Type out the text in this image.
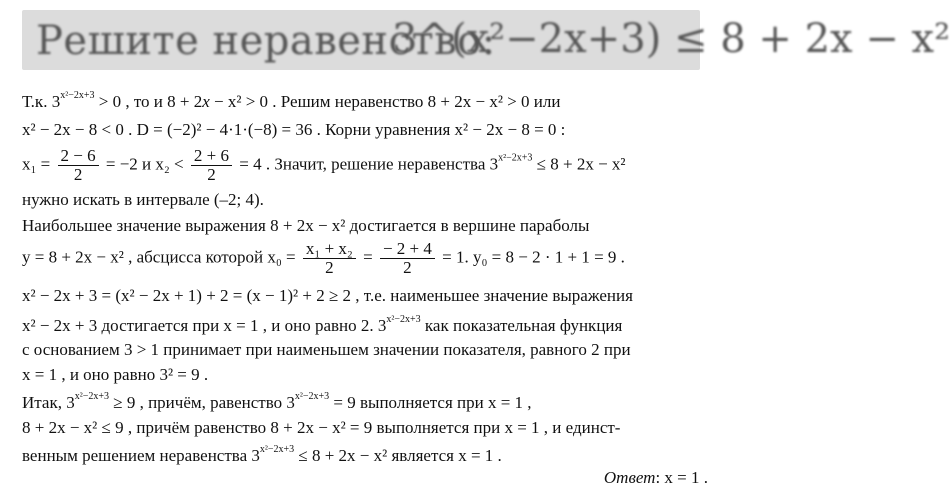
Решите неравенство:
3^(x²−2x+3) ≤ 8 + 2x − x²
Т.к. $3^{x^2-2x+3} > 0$ , то и 8 + 2x − x² > 0 . Решим неравенство 8 + 2x − x² > 0 или
x² − 2x − 8 < 0 . D = (−2)² − 4·1·(−8) = 36 . Корни уравнения x² − 2x − 8 = 0 :
$x_1 = \frac{2 - 6}{2} = -2$ и $x_2 < \frac{2 + 6}{2} = 4$ . Значит, решение неравенства $3^{x^2-2x+3} \le 8 + 2x - x^2$
нужно искать в интервале (–2; 4).
Наибольшее значение выражения 8 + 2x − x² достигается в вершине параболы
y = 8 + 2x − x² , абсцисса которой $x_0 = \frac{\text{x₁ + x₂}}{2} = \frac{- 2 + 4}{2} = 1$. y₀ = 8 − 2 · 1 + 1 = 9 .
x² − 2x + 3 = (x² − 2x + 1) + 2 = (x − 1)² + 2 ≥ 2 , т.е. наименьшее значение выражения
x² − 2x + 3 достигается при x = 1 , и оно равно 2. $3^{x^2-2x+3}$ как показательная функция
с основанием 3 > 1 принимает при наименьшем значении показателя, равного 2 при
x = 1 , и оно равно 3² = 9 .
Итак, $3^{x^2-2x+3} \ge 9$ , причём, равенство $3^{x^2-2x+3} = 9$ выполняется при x = 1 ,
8 + 2x − x² ≤ 9 , причём равенство 8 + 2x − x² = 9 выполняется при x = 1 , и единст-
венным решением неравенства $3^{x^2-2x+3} \le 8 + 2x - x^2$ является x = 1 .
Ответ: x = 1 .
